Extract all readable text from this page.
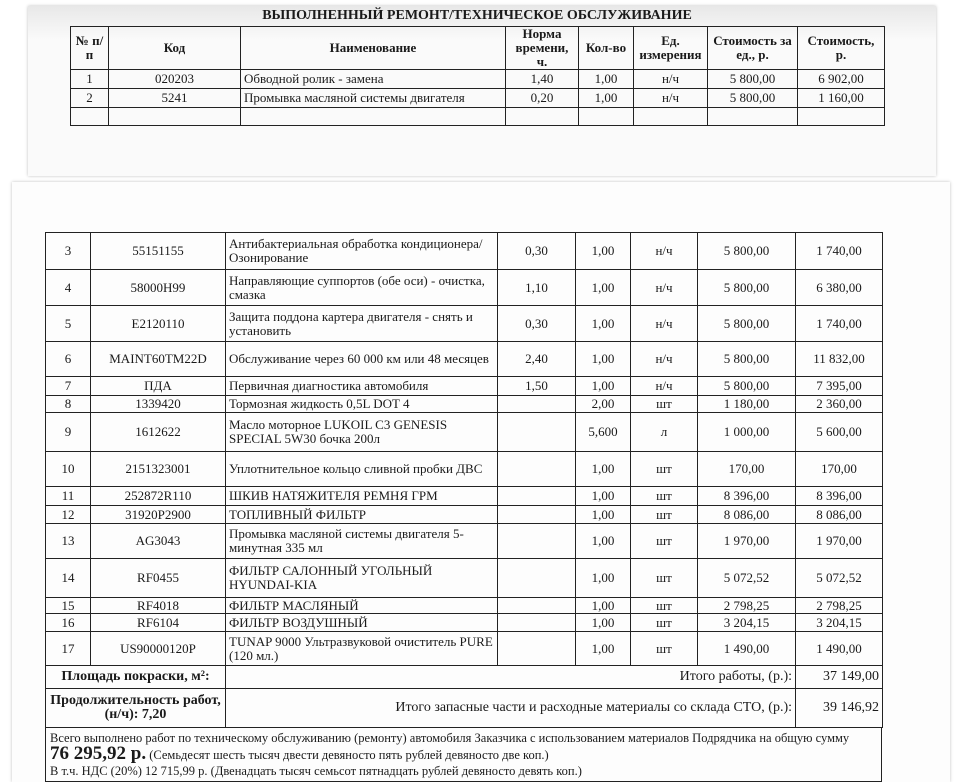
ВЫПОЛНЕННЫЙ РЕМОНТ/ТЕХНИЧЕСКОЕ ОБСЛУЖИВАНИЕ
№ п/п	Код	Наименование	Норма времени, ч.	Кол-во	Ед. измерения	Стоимость за ед., р.	Стоимость, р.
1	020203	Обводной ролик - замена	1,40	1,00	н/ч	5 800,00	6 902,00
2	5241	Промывка масляной системы двигателя	0,20	1,00	н/ч	5 800,00	1 160,00

3	55151155	Антибактериальная обработка кондиционера/Озонирование	0,30	1,00	н/ч	5 800,00	1 740,00
4	58000H99	Направляющие суппортов (обе оси) - очистка, смазка	1,10	1,00	н/ч	5 800,00	6 380,00
5	E2120110	Защита поддона картера двигателя - снять и установить	0,30	1,00	н/ч	5 800,00	1 740,00
6	MAINT60TM22D	Обслуживание через 60 000 км или 48 месяцев	2,40	1,00	н/ч	5 800,00	11 832,00
7	ПДА	Первичная диагностика автомобиля	1,50	1,00	н/ч	5 800,00	7 395,00
8	1339420	Тормозная жидкость 0,5L DOT 4		2,00	шт	1 180,00	2 360,00
9	1612622	Масло моторное LUKOIL C3 GENESIS SPECIAL 5W30 бочка 200л		5,600	л	1 000,00	5 600,00
10	2151323001	Уплотнительное кольцо сливной пробки ДВС		1,00	шт	170,00	170,00
11	252872R110	ШКИВ НАТЯЖИТЕЛЯ РЕМНЯ ГРМ		1,00	шт	8 396,00	8 396,00
12	31920P2900	ТОПЛИВНЫЙ ФИЛЬТР		1,00	шт	8 086,00	8 086,00
13	AG3043	Промывка масляной системы двигателя 5-минутная 335 мл		1,00	шт	1 970,00	1 970,00
14	RF0455	ФИЛЬТР САЛОННЫЙ УГОЛЬНЫЙ HYUNDAI-KIA		1,00	шт	5 072,52	5 072,52
15	RF4018	ФИЛЬТР МАСЛЯНЫЙ		1,00	шт	2 798,25	2 798,25
16	RF6104	ФИЛЬТР ВОЗДУШНЫЙ		1,00	шт	3 204,15	3 204,15
17	US90000120P	TUNAP 9000 Ультразвуковой очиститель PURE (120 мл.)		1,00	шт	1 490,00	1 490,00
Площадь покраски, м²:		Итого работы, (р.):					37 149,00
Продолжительность работ, (н/ч): 7,20		Итого запасные части и расходные материалы со склада СТО, (р.):					39 146,92
Всего выполнено работ по техническому обслуживанию (ремонту) автомобиля Заказчика с использованием материалов Подрядчика на общую сумму
76 295,92 р. (Семьдесят шесть тысяч двести девяносто пять рублей девяносто две коп.)
В т.ч. НДС (20%) 12 715,99 р. (Двенадцать тысяч семьсот пятнадцать рублей девяносто девять коп.)
